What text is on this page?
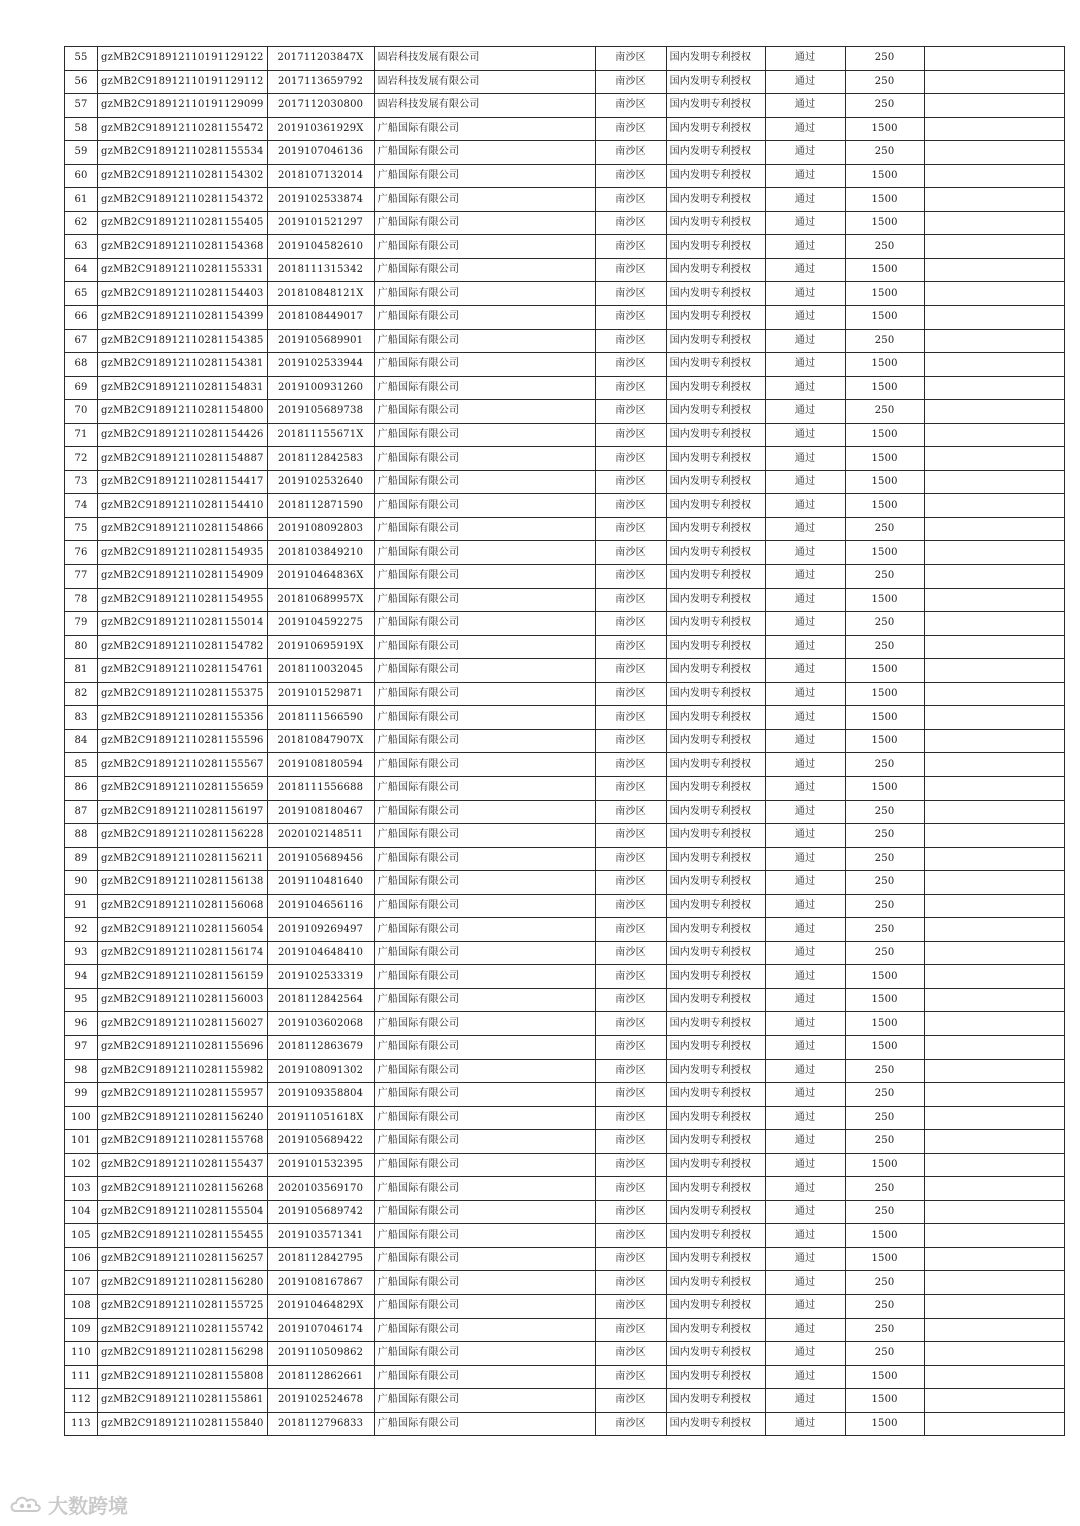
55	gzMB2C918912110191129122	201711203847X	固岩科技发展有限公司	南沙区	国内发明专利授权	通过	250	
56	gzMB2C918912110191129112	2017113659792	固岩科技发展有限公司	南沙区	国内发明专利授权	通过	250	
57	gzMB2C918912110191129099	2017112030800	固岩科技发展有限公司	南沙区	国内发明专利授权	通过	250	
58	gzMB2C918912110281155472	201910361929X	广船国际有限公司	南沙区	国内发明专利授权	通过	1500	
59	gzMB2C918912110281155534	2019107046136	广船国际有限公司	南沙区	国内发明专利授权	通过	250	
60	gzMB2C918912110281154302	2018107132014	广船国际有限公司	南沙区	国内发明专利授权	通过	1500	
61	gzMB2C918912110281154372	2019102533874	广船国际有限公司	南沙区	国内发明专利授权	通过	1500	
62	gzMB2C918912110281155405	2019101521297	广船国际有限公司	南沙区	国内发明专利授权	通过	1500	
63	gzMB2C918912110281154368	2019104582610	广船国际有限公司	南沙区	国内发明专利授权	通过	250	
64	gzMB2C918912110281155331	2018111315342	广船国际有限公司	南沙区	国内发明专利授权	通过	1500	
65	gzMB2C918912110281154403	201810848121X	广船国际有限公司	南沙区	国内发明专利授权	通过	1500	
66	gzMB2C918912110281154399	2018108449017	广船国际有限公司	南沙区	国内发明专利授权	通过	1500	
67	gzMB2C918912110281154385	2019105689901	广船国际有限公司	南沙区	国内发明专利授权	通过	250	
68	gzMB2C918912110281154381	2019102533944	广船国际有限公司	南沙区	国内发明专利授权	通过	1500	
69	gzMB2C918912110281154831	2019100931260	广船国际有限公司	南沙区	国内发明专利授权	通过	1500	
70	gzMB2C918912110281154800	2019105689738	广船国际有限公司	南沙区	国内发明专利授权	通过	250	
71	gzMB2C918912110281154426	201811155671X	广船国际有限公司	南沙区	国内发明专利授权	通过	1500	
72	gzMB2C918912110281154887	2018112842583	广船国际有限公司	南沙区	国内发明专利授权	通过	1500	
73	gzMB2C918912110281154417	2019102532640	广船国际有限公司	南沙区	国内发明专利授权	通过	1500	
74	gzMB2C918912110281154410	2018112871590	广船国际有限公司	南沙区	国内发明专利授权	通过	1500	
75	gzMB2C918912110281154866	2019108092803	广船国际有限公司	南沙区	国内发明专利授权	通过	250	
76	gzMB2C918912110281154935	2018103849210	广船国际有限公司	南沙区	国内发明专利授权	通过	1500	
77	gzMB2C918912110281154909	201910464836X	广船国际有限公司	南沙区	国内发明专利授权	通过	250	
78	gzMB2C918912110281154955	201810689957X	广船国际有限公司	南沙区	国内发明专利授权	通过	1500	
79	gzMB2C918912110281155014	2019104592275	广船国际有限公司	南沙区	国内发明专利授权	通过	250	
80	gzMB2C918912110281154782	201910695919X	广船国际有限公司	南沙区	国内发明专利授权	通过	250	
81	gzMB2C918912110281154761	2018110032045	广船国际有限公司	南沙区	国内发明专利授权	通过	1500	
82	gzMB2C918912110281155375	2019101529871	广船国际有限公司	南沙区	国内发明专利授权	通过	1500	
83	gzMB2C918912110281155356	2018111566590	广船国际有限公司	南沙区	国内发明专利授权	通过	1500	
84	gzMB2C918912110281155596	201810847907X	广船国际有限公司	南沙区	国内发明专利授权	通过	1500	
85	gzMB2C918912110281155567	2019108180594	广船国际有限公司	南沙区	国内发明专利授权	通过	250	
86	gzMB2C918912110281155659	2018111556688	广船国际有限公司	南沙区	国内发明专利授权	通过	1500	
87	gzMB2C918912110281156197	2019108180467	广船国际有限公司	南沙区	国内发明专利授权	通过	250	
88	gzMB2C918912110281156228	2020102148511	广船国际有限公司	南沙区	国内发明专利授权	通过	250	
89	gzMB2C918912110281156211	2019105689456	广船国际有限公司	南沙区	国内发明专利授权	通过	250	
90	gzMB2C918912110281156138	2019110481640	广船国际有限公司	南沙区	国内发明专利授权	通过	250	
91	gzMB2C918912110281156068	2019104656116	广船国际有限公司	南沙区	国内发明专利授权	通过	250	
92	gzMB2C918912110281156054	2019109269497	广船国际有限公司	南沙区	国内发明专利授权	通过	250	
93	gzMB2C918912110281156174	2019104648410	广船国际有限公司	南沙区	国内发明专利授权	通过	250	
94	gzMB2C918912110281156159	2019102533319	广船国际有限公司	南沙区	国内发明专利授权	通过	1500	
95	gzMB2C918912110281156003	2018112842564	广船国际有限公司	南沙区	国内发明专利授权	通过	1500	
96	gzMB2C918912110281156027	2019103602068	广船国际有限公司	南沙区	国内发明专利授权	通过	1500	
97	gzMB2C918912110281155696	2018112863679	广船国际有限公司	南沙区	国内发明专利授权	通过	1500	
98	gzMB2C918912110281155982	2019108091302	广船国际有限公司	南沙区	国内发明专利授权	通过	250	
99	gzMB2C918912110281155957	2019109358804	广船国际有限公司	南沙区	国内发明专利授权	通过	250	
100	gzMB2C918912110281156240	201911051618X	广船国际有限公司	南沙区	国内发明专利授权	通过	250	
101	gzMB2C918912110281155768	2019105689422	广船国际有限公司	南沙区	国内发明专利授权	通过	250	
102	gzMB2C918912110281155437	2019101532395	广船国际有限公司	南沙区	国内发明专利授权	通过	1500	
103	gzMB2C918912110281156268	2020103569170	广船国际有限公司	南沙区	国内发明专利授权	通过	250	
104	gzMB2C918912110281155504	2019105689742	广船国际有限公司	南沙区	国内发明专利授权	通过	250	
105	gzMB2C918912110281155455	2019103571341	广船国际有限公司	南沙区	国内发明专利授权	通过	1500	
106	gzMB2C918912110281156257	2018112842795	广船国际有限公司	南沙区	国内发明专利授权	通过	1500	
107	gzMB2C918912110281156280	2019108167867	广船国际有限公司	南沙区	国内发明专利授权	通过	250	
108	gzMB2C918912110281155725	201910464829X	广船国际有限公司	南沙区	国内发明专利授权	通过	250	
109	gzMB2C918912110281155742	2019107046174	广船国际有限公司	南沙区	国内发明专利授权	通过	250	
110	gzMB2C918912110281156298	2019110509862	广船国际有限公司	南沙区	国内发明专利授权	通过	250	
111	gzMB2C918912110281155808	2018112862661	广船国际有限公司	南沙区	国内发明专利授权	通过	1500	
112	gzMB2C918912110281155861	2019102524678	广船国际有限公司	南沙区	国内发明专利授权	通过	1500	
113	gzMB2C918912110281155840	2018112796833	广船国际有限公司	南沙区	国内发明专利授权	通过	1500	
大数跨境
